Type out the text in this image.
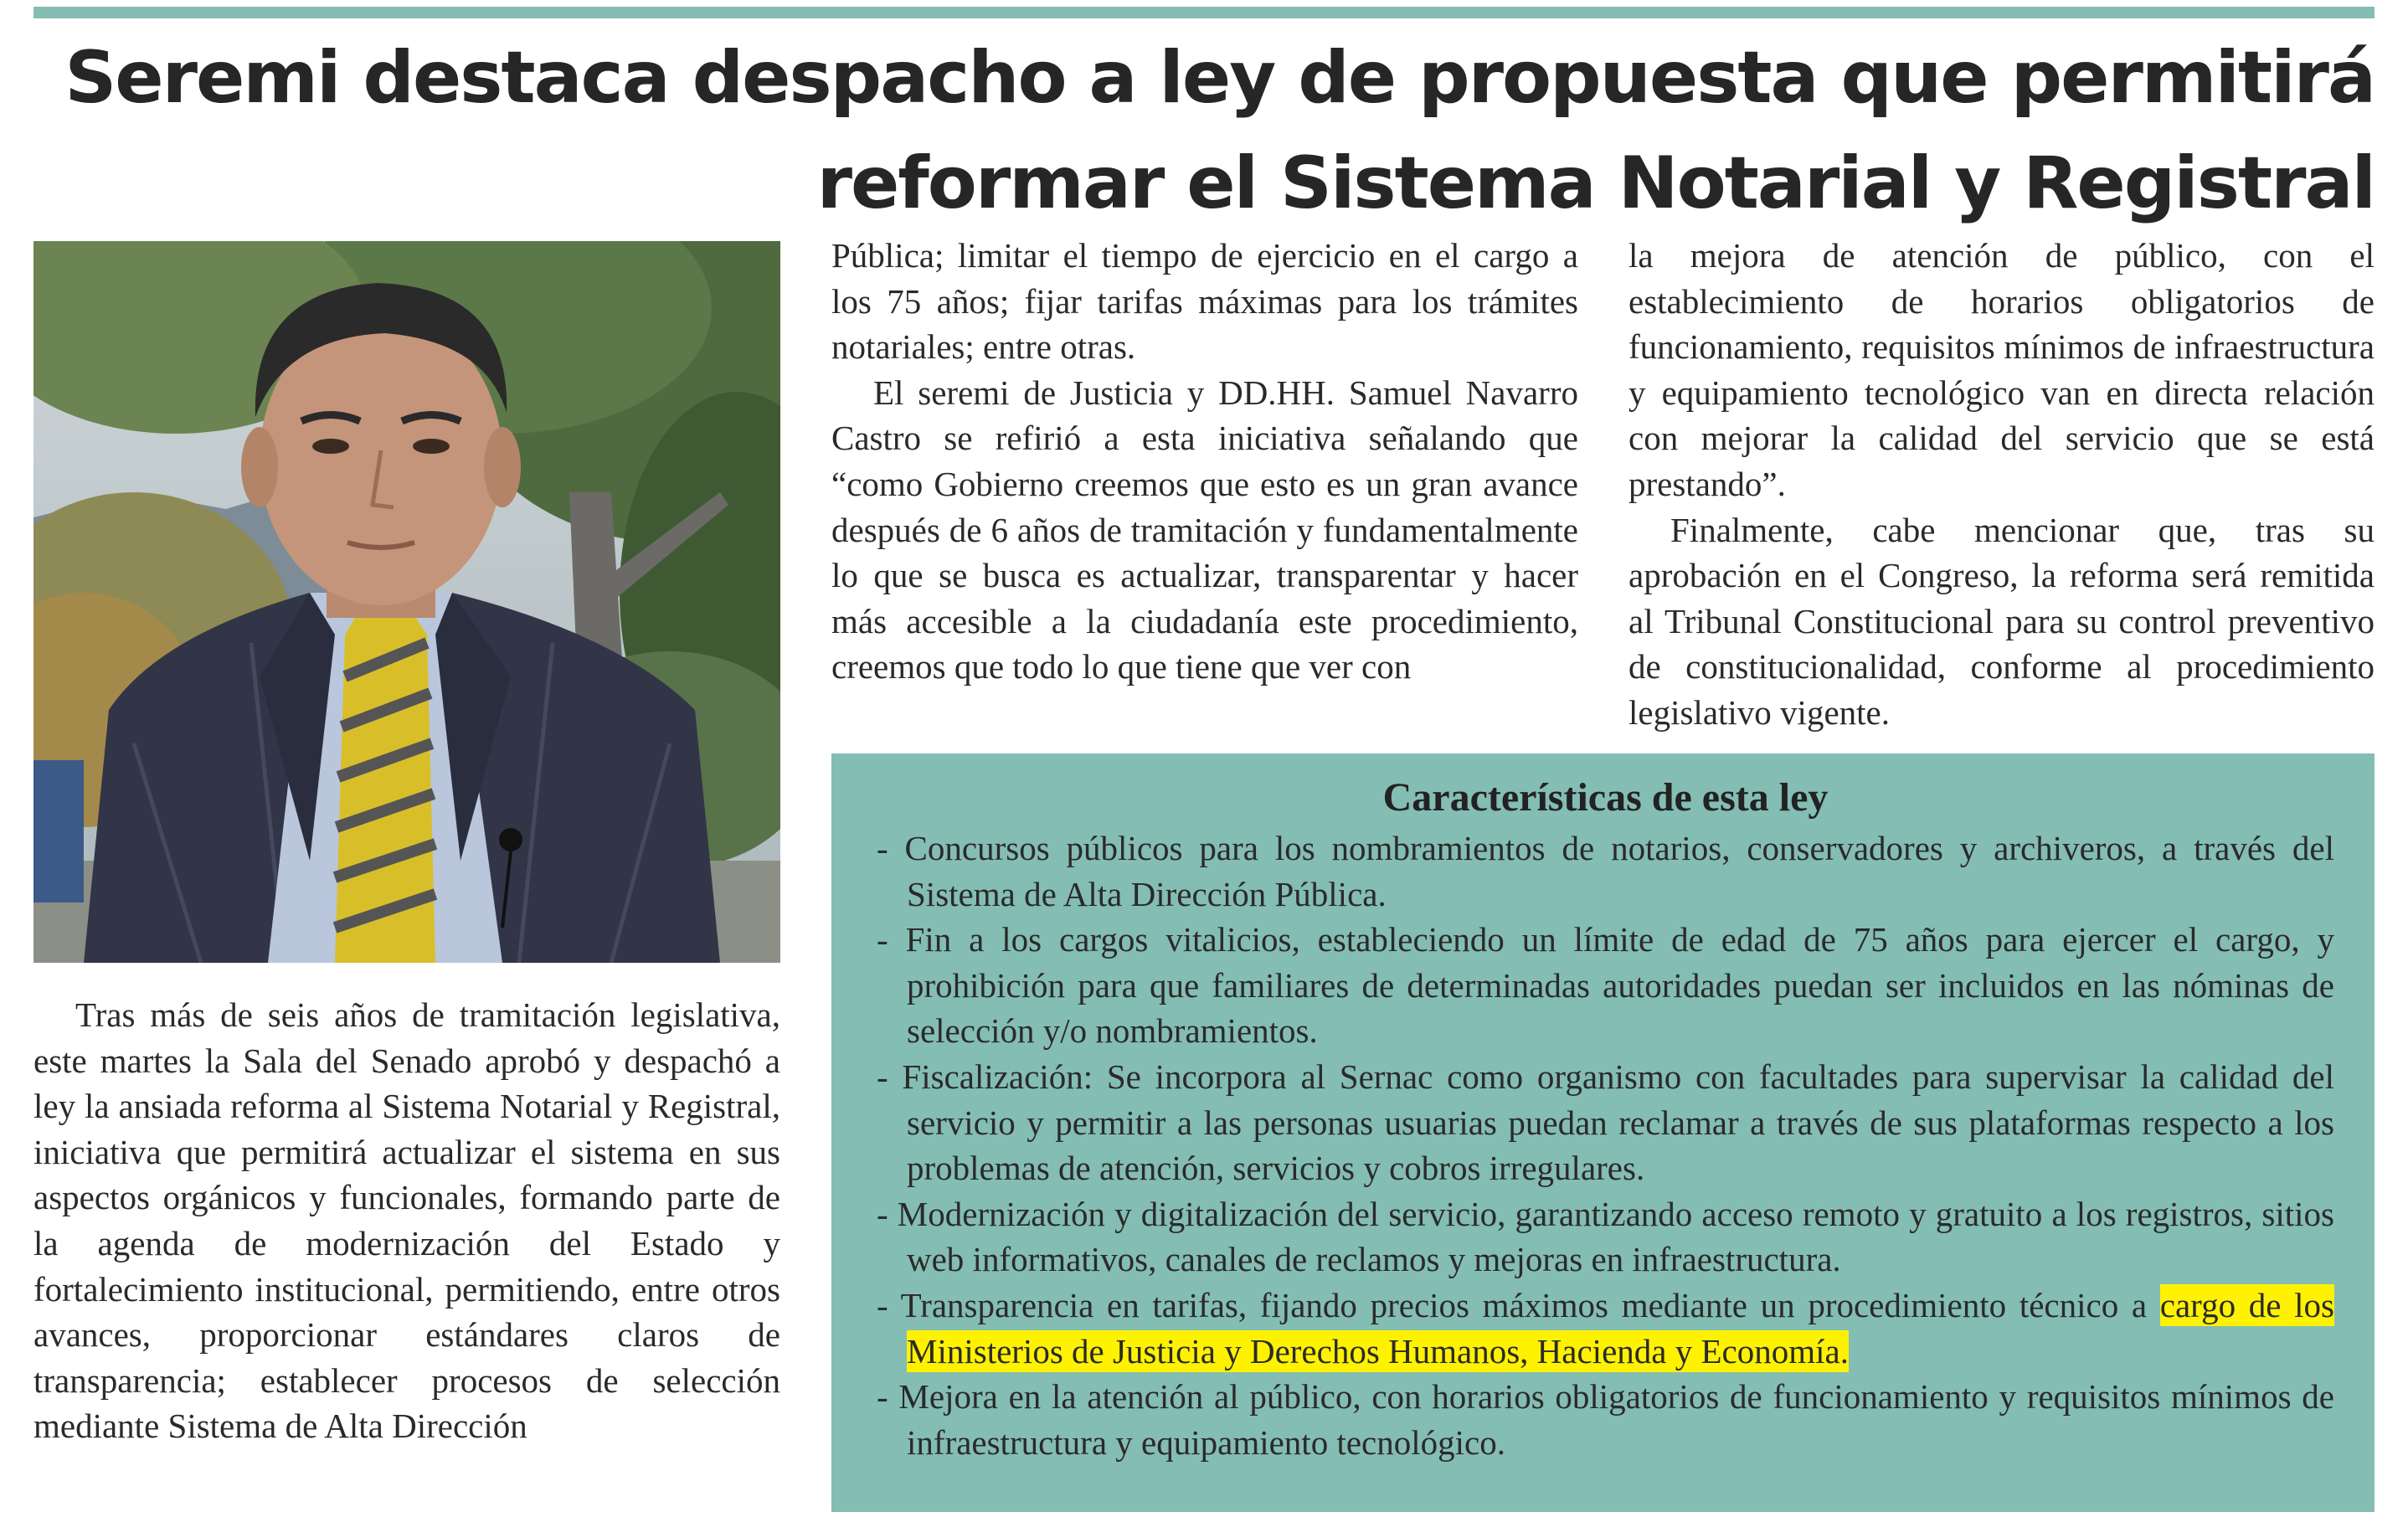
Seremi destaca despacho a ley de propuesta que permitirá
reformar el Sistema Notarial y Registral

Tras más de seis años de tramitación legislativa, este martes la Sala del Senado aprobó y despachó a ley la ansiada reforma al Sistema Notarial y Registral, iniciativa que permitirá actualizar el sistema en sus aspectos orgánicos y funcionales, formando parte de la agenda de modernización del Estado y fortalecimiento institucional, permitiendo, entre otros avances, proporcionar estándares claros de transparencia; establecer procesos de selección mediante Sistema de Alta Dirección

Pública; limitar el tiempo de ejercicio en el cargo a los 75 años; fijar tarifas máximas para los trámites notariales; entre otras.

El seremi de Justicia y DD.HH. Samuel Navarro Castro se refirió a esta iniciativa señalando que “como Gobierno creemos que esto es un gran avance después de 6 años de tramitación y fundamentalmente lo que se busca es actualizar, transparentar y hacer más accesible a la ciudadanía este procedimiento, creemos que todo lo que tiene que ver con

la mejora de atención de público, con el establecimiento de horarios obligatorios de funcionamiento, requisitos mínimos de infraestructura y equipamiento tecnológico van en directa relación con mejorar la calidad del servicio que se está prestando”.

Finalmente, cabe mencionar que, tras su aprobación en el Congreso, la reforma será remitida al Tribunal Constitucional para su control preventivo de constitucionalidad, conforme al procedimiento legislativo vigente.

Características de esta ley
- Concursos públicos para los nombramientos de notarios, conservadores y archiveros, a través del Sistema de Alta Dirección Pública.
- Fin a los cargos vitalicios, estableciendo un límite de edad de 75 años para ejercer el cargo, y prohibición para que familiares de determinadas autoridades puedan ser incluidos en las nóminas de selección y/o nombramientos.
- Fiscalización: Se incorpora al Sernac como organismo con facultades para supervisar la calidad del servicio y permitir a las personas usuarias puedan reclamar a través de sus plataformas respecto a los problemas de atención, servicios y cobros irregulares.
- Modernización y digitalización del servicio, garantizando acceso remoto y gratuito a los registros, sitios web informativos, canales de reclamos y mejoras en infraestructura.
- Transparencia en tarifas, fijando precios máximos mediante un procedimiento técnico a cargo de los Ministerios de Justicia y Derechos Humanos, Hacienda y Economía.
- Mejora en la atención al público, con horarios obligatorios de funcionamiento y requisitos mínimos de infraestructura y equipamiento tecnológico.
